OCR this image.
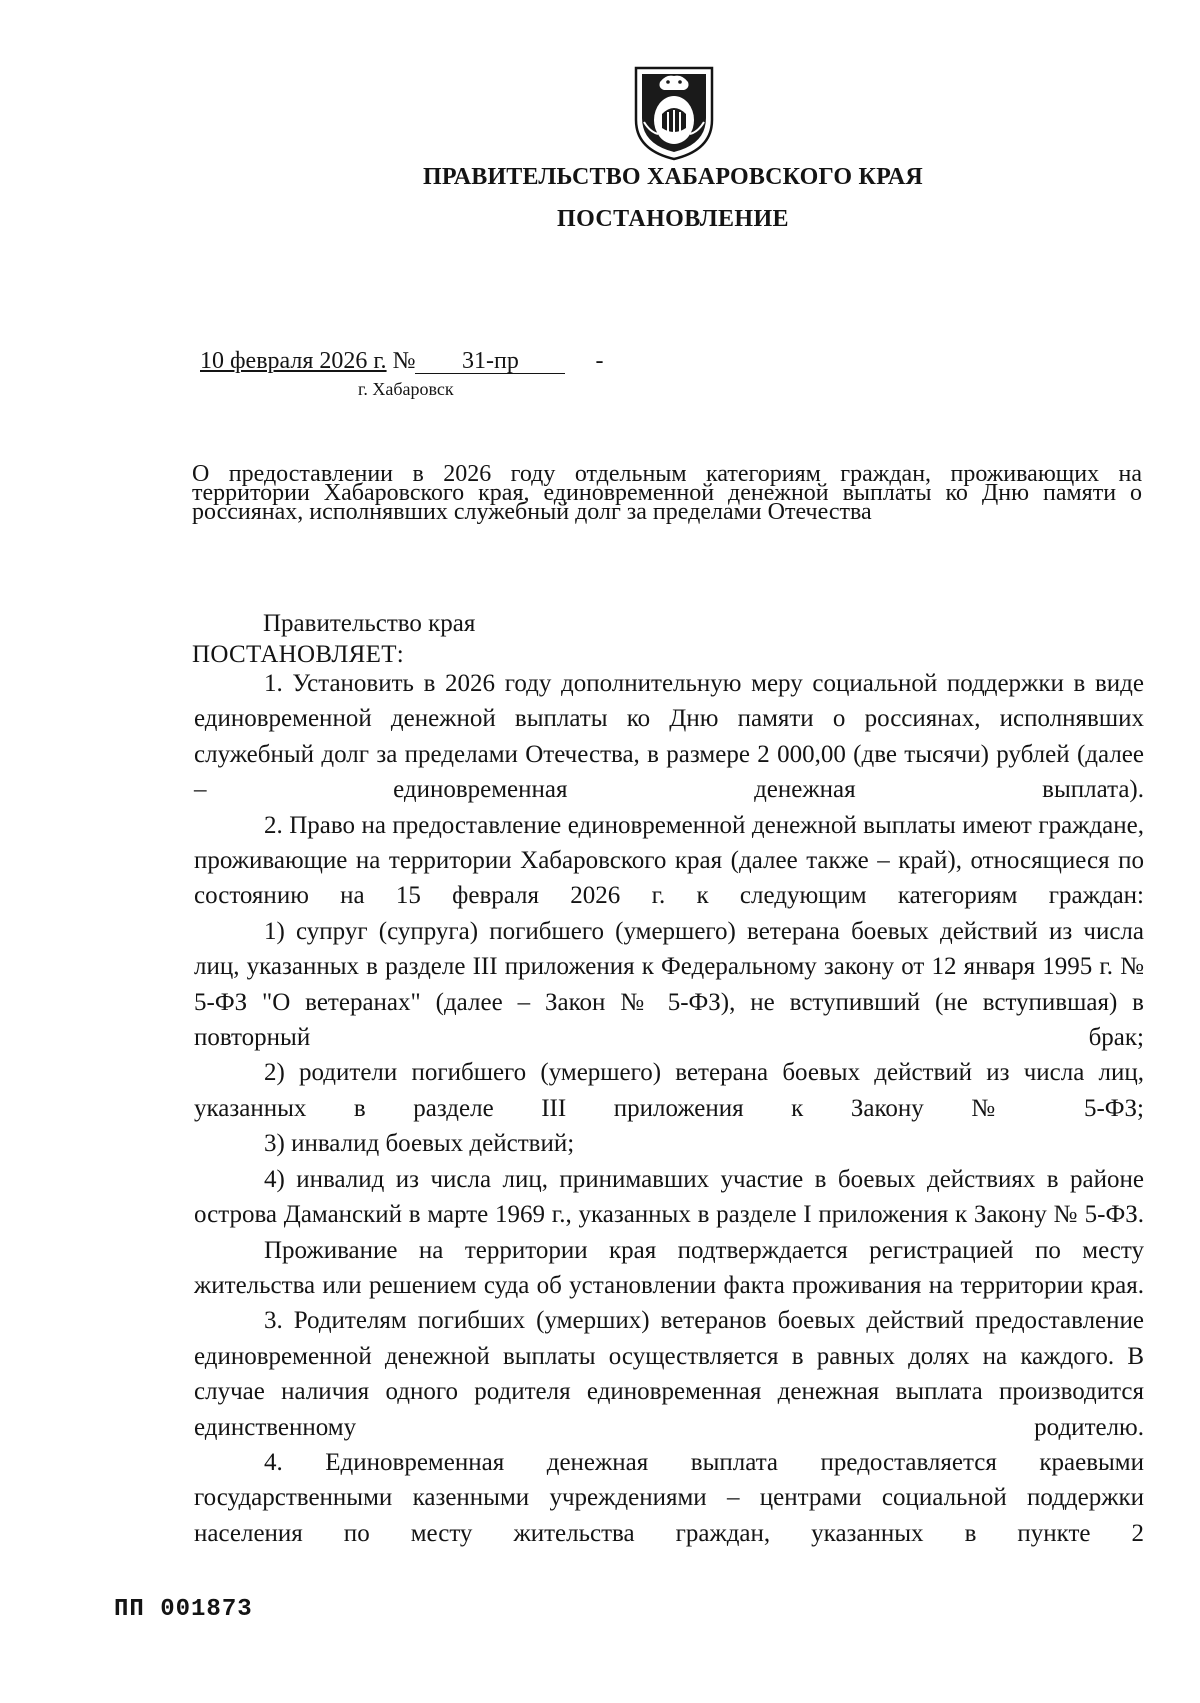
ПРАВИТЕЛЬСТВО ХАБАРОВСКОГО КРАЯ
ПОСТАНОВЛЕНИЕ
10 февраля 2026 г. № 31-пр	-
г. Хабаровск
О предоставлении в 2026 году отдельным категориям граждан, проживающих на территории Хабаровского края, единовременной денежной выплаты ко Дню памяти о россиянах, исполнявших служебный долг за пределами Отечества
Правительство края
ПОСТАНОВЛЯЕТ:

1. Установить в 2026 году дополнительную меру социальной поддержки в виде единовременной денежной выплаты ко Дню памяти о россиянах, исполнявших служебный долг за пределами Отечества, в размере 2 000,00 (две тысячи) рублей (далее – единовременная денежная выплата).

2. Право на предоставление единовременной денежной выплаты имеют граждане, проживающие на территории Хабаровского края (далее также – край), относящиеся по состоянию на 15 февраля 2026 г. к следующим категориям граждан:

1) супруг (супруга) погибшего (умершего) ветерана боевых действий из числа лиц, указанных в разделе III приложения к Федеральному закону от 12 января 1995 г. № 5-ФЗ "О ветеранах" (далее – Закон № 5-ФЗ), не вступивший (не вступившая) в повторный брак;

2) родители погибшего (умершего) ветерана боевых действий из числа лиц, указанных в разделе III приложения к Закону № 5-ФЗ;

3) инвалид боевых действий;

4) инвалид из числа лиц, принимавших участие в боевых действиях в районе острова Даманский в марте 1969 г., указанных в разделе I приложения к Закону № 5-ФЗ.

Проживание на территории края подтверждается регистрацией по месту жительства или решением суда об установлении факта проживания на территории края.

3. Родителям погибших (умерших) ветеранов боевых действий предоставление единовременной денежной выплаты осуществляется в равных долях на каждого. В случае наличия одного родителя единовременная денежная выплата производится единственному родителю.

4. Единовременная денежная выплата предоставляется краевыми государственными казенными учреждениями – центрами социальной поддержки населения по месту жительства граждан, указанных в пункте 2

ПП 001873
